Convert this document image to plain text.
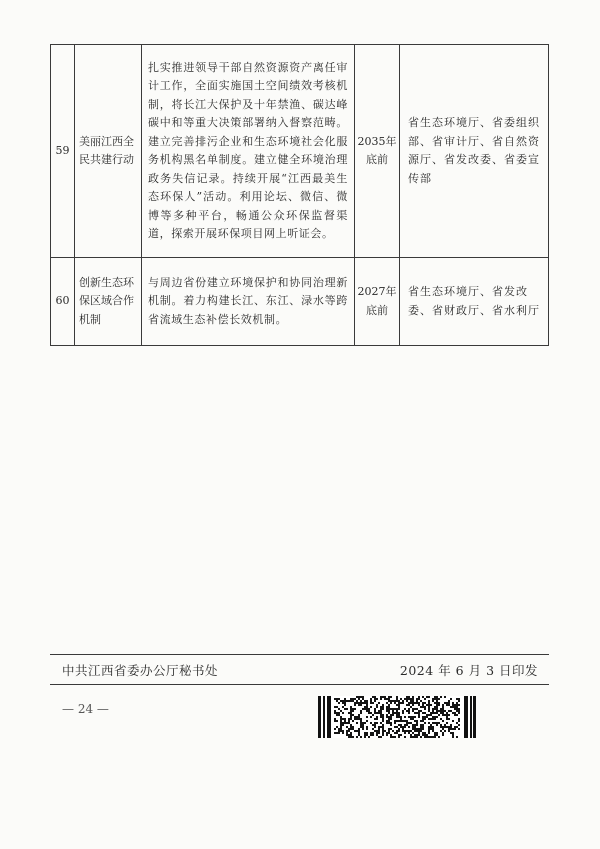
59	美丽江西全民共建行动	扎实推进领导干部自然资源资产离任审计工作，全面实施国土空间绩效考核机制，将长江大保护及十年禁渔、碳达峰碳中和等重大决策部署纳入督察范畴。建立完善排污企业和生态环境社会化服务机构黑名单制度。建立健全环境治理政务失信记录。持续开展“江西最美生态环保人”活动。利用论坛、微信、微博等多种平台，畅通公众环保监督渠道，探索开展环保项目网上听证会。	2035年底前	省生态环境厅、省委组织部、省审计厅、省自然资源厅、省发改委、省委宣传部
60	创新生态环保区域合作机制	与周边省份建立环境保护和协同治理新机制。着力构建长江、东江、渌水等跨省流域生态补偿长效机制。	2027年底前	省生态环境厅、省发改委、省财政厅、省水利厅
中共江西省委办公厅秘书处	2024 年 6 月 3 日印发
— 24 —
